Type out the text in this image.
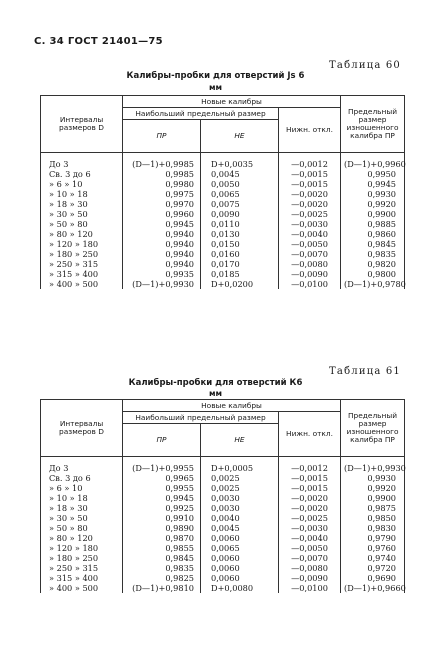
С. 34 ГОСТ 21401—75
Таблица 60
Калибры-пробки для отверстий Js 6
мм
Интервалы размеров D	Новые калибры			Предельный размер изношенного калибра ПР
	Наибольший предельный размер		Нижн. откл.	
	ПР	НЕ		

До 3	(D—1)+0,9985	D+0,0035	—0,0012	(D—1)+0,9960
Св. 3 до 6	0,9985	0,0045	—0,0015	0,9950
» 6 » 10	0,9980	0,0050	—0,0015	0,9945
» 10 » 18	0,9975	0,0065	—0,0020	0,9930
» 18 » 30	0,9970	0,0075	—0,0020	0,9920
» 30 » 50	0,9960	0,0090	—0,0025	0,9900
» 50 » 80	0,9945	0,0110	—0,0030	0,9885
» 80 » 120	0,9940	0,0130	—0,0040	0,9860
» 120 » 180	0,9940	0,0150	—0,0050	0,9845
» 180 » 250	0,9940	0,0160	—0,0070	0,9835
» 250 » 315	0,9940	0,0170	—0,0080	0,9820
» 315 » 400	0,9935	0,0185	—0,0090	0,9800
» 400 » 500	(D—1)+0,9930	D+0,0200	—0,0100	(D—1)+0,9780
Таблица 61
Калибры-пробки для отверстий К6
мм
Интервалы размеров D	Новые калибры			Предельный размер изношенного калибра ПР
	Наибольший предельный размер		Нижн. откл.	
	ПР	НЕ		

До 3	(D—1)+0,9955	D+0,0005	—0,0012	(D—1)+0,9930
Св. 3 до 6	0,9965	0,0025	—0,0015	0,9930
» 6 » 10	0,9955	0,0025	—0,0015	0,9920
» 10 » 18	0,9945	0,0030	—0,0020	0,9900
» 18 » 30	0,9925	0,0030	—0,0020	0,9875
» 30 » 50	0,9910	0,0040	—0,0025	0,9850
» 50 » 80	0,9890	0,0045	—0,0030	0,9830
» 80 » 120	0,9870	0,0060	—0,0040	0,9790
» 120 » 180	0,9855	0,0065	—0,0050	0,9760
» 180 » 250	0,9845	0,0060	—0,0070	0,9740
» 250 » 315	0,9835	0,0060	—0,0080	0,9720
» 315 » 400	0,9825	0,0060	—0,0090	0,9690
» 400 » 500	(D—1)+0,9810	D+0,0080	—0,0100	(D—1)+0,9660
